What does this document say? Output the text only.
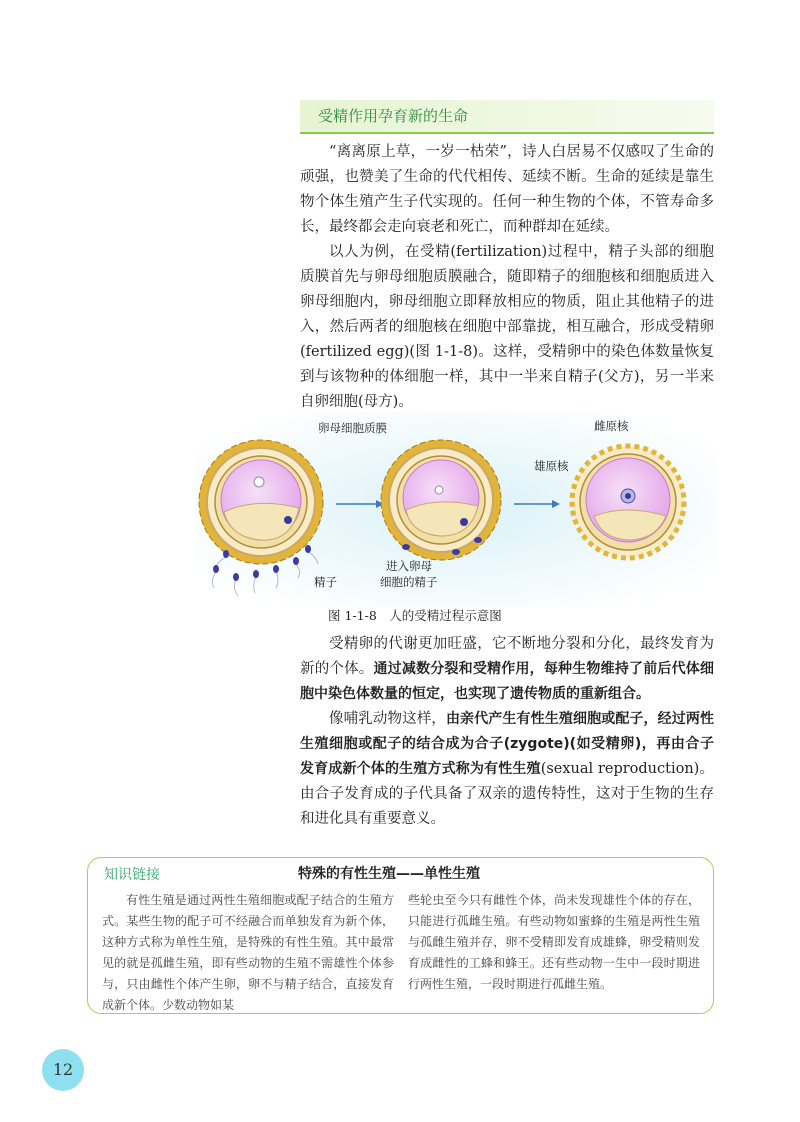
受精作用孕育新的生命

“离离原上草，一岁一枯荣”，诗人白居易不仅感叹了生命的顽强，也赞美了生命的代代相传、延续不断。生命的延续是靠生物个体生殖产生子代实现的。任何一种生物的个体，不管寿命多长，最终都会走向衰老和死亡，而种群却在延续。

以人为例，在受精(fertilization)过程中，精子头部的细胞质膜首先与卵母细胞质膜融合，随即精子的细胞核和细胞质进入卵母细胞内，卵母细胞立即释放相应的物质，阻止其他精子的进入，然后两者的细胞核在细胞中部靠拢，相互融合，形成受精卵(fertilized egg)(图 1-1-8)。这样，受精卵中的染色体数量恢复到与该物种的体细胞一样，其中一半来自精子(父方)，另一半来自卵细胞(母方)。

卵母细胞质膜
精子
进入卵母
细胞的精子
雌原核
雄原核
图 1-1-8　人的受精过程示意图

受精卵的代谢更加旺盛，它不断地分裂和分化，最终发育为新的个体。通过减数分裂和受精作用，每种生物维持了前后代体细胞中染色体数量的恒定，也实现了遗传物质的重新组合。

像哺乳动物这样，由亲代产生有性生殖细胞或配子，经过两性生殖细胞或配子的结合成为合子(zygote)(如受精卵)，再由合子发育成新个体的生殖方式称为有性生殖(sexual reproduction)。由合子发育成的子代具备了双亲的遗传特性，这对于生物的生存和进化具有重要意义。

知识链接	特殊的有性生殖——单性生殖

有性生殖是通过两性生殖细胞或配子结合的生殖方式。某些生物的配子可不经融合而单独发育为新个体，这种方式称为单性生殖，是特殊的有性生殖。其中最常见的就是孤雌生殖，即有些动物的生殖不需雄性个体参与，只由雌性个体产生卵，卵不与精子结合，直接发育成新个体。少数动物如某

些轮虫至今只有雌性个体，尚未发现雄性个体的存在，只能进行孤雌生殖。有些动物如蜜蜂的生殖是两性生殖与孤雌生殖并存，卵不受精即发育成雄蜂，卵受精则发育成雌性的工蜂和蜂王。还有些动物一生中一段时期进行两性生殖，一段时期进行孤雌生殖。

12
